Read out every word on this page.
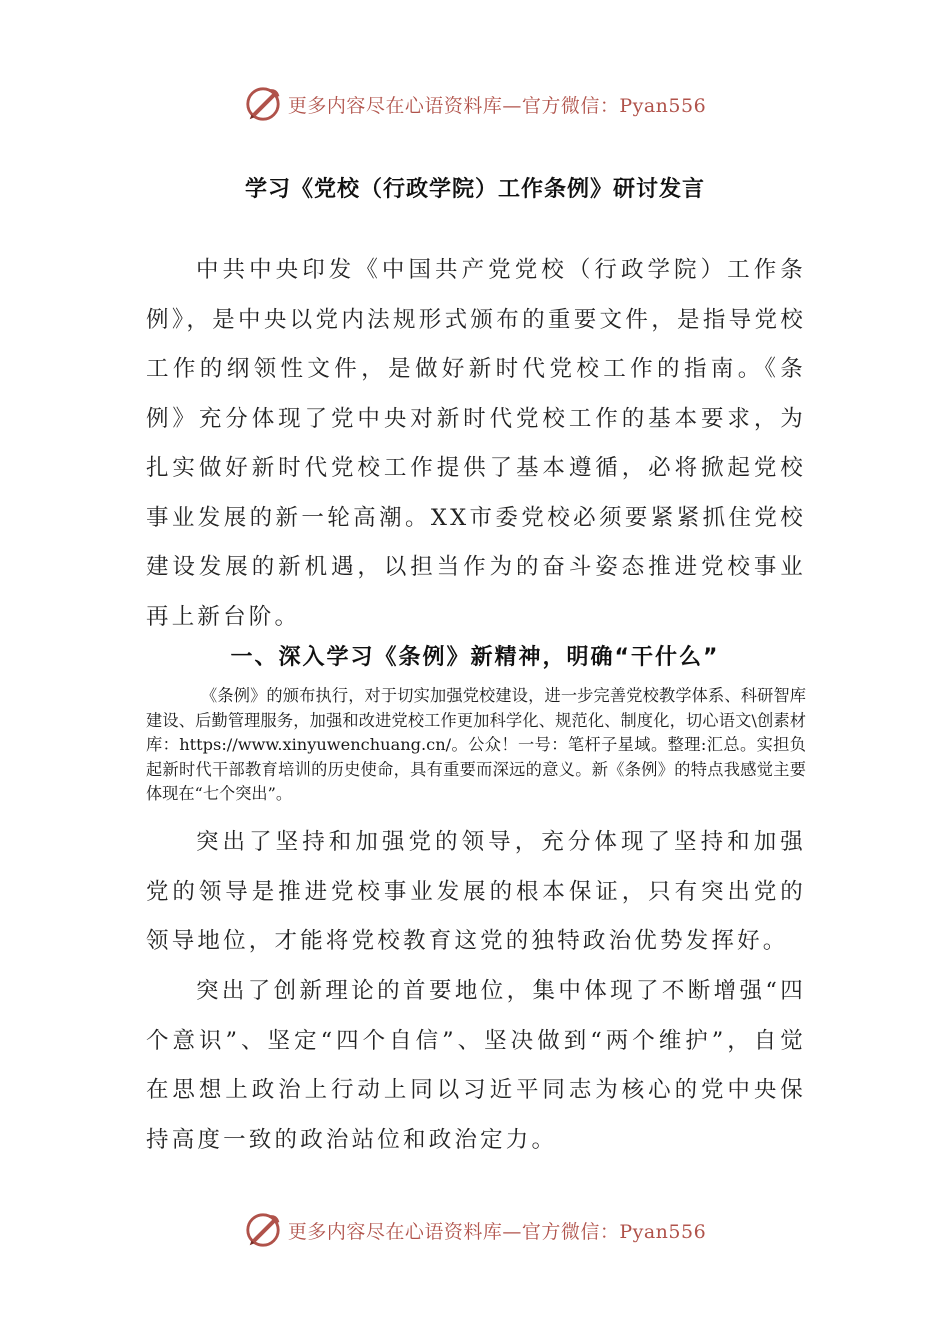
更多内容尽在心语资料库—官方微信：Pyan556
学习《党校（行政学院）工作条例》研讨发言

中共中央印发《中国共产党党校（行政学院）工作条例》，是中央以党内法规形式颁布的重要文件，是指导党校工作的纲领性文件，是做好新时代党校工作的指南。《条例》充分体现了党中央对新时代党校工作的基本要求，为扎实做好新时代党校工作提供了基本遵循，必将掀起党校事业发展的新一轮高潮。XX市委党校必须要紧紧抓住党校建设发展的新机遇，以担当作为的奋斗姿态推进党校事业再上新台阶。

一、深入学习《条例》新精神，明确“干什么”

《条例》的颁布执行，对于切实加强党校建设，进一步完善党校教学体系、科研智库建设、后勤管理服务，加强和改进党校工作更加科学化、规范化、制度化，切心语文\创素材库：https://www.xinyuwenchuang.cn/。公众！一号：笔杆子星域。整理:汇总。实担负起新时代干部教育培训的历史使命，具有重要而深远的意义。新《条例》的特点我感觉主要体现在“七个突出”。

突出了坚持和加强党的领导，充分体现了坚持和加强党的领导是推进党校事业发展的根本保证，只有突出党的领导地位，才能将党校教育这党的独特政治优势发挥好。

突出了创新理论的首要地位，集中体现了不断增强“四个意识”、坚定“四个自信”、坚决做到“两个维护”，自觉在思想上政治上行动上同以习近平同志为核心的党中央保持高度一致的政治站位和政治定力。

更多内容尽在心语资料库—官方微信：Pyan556
